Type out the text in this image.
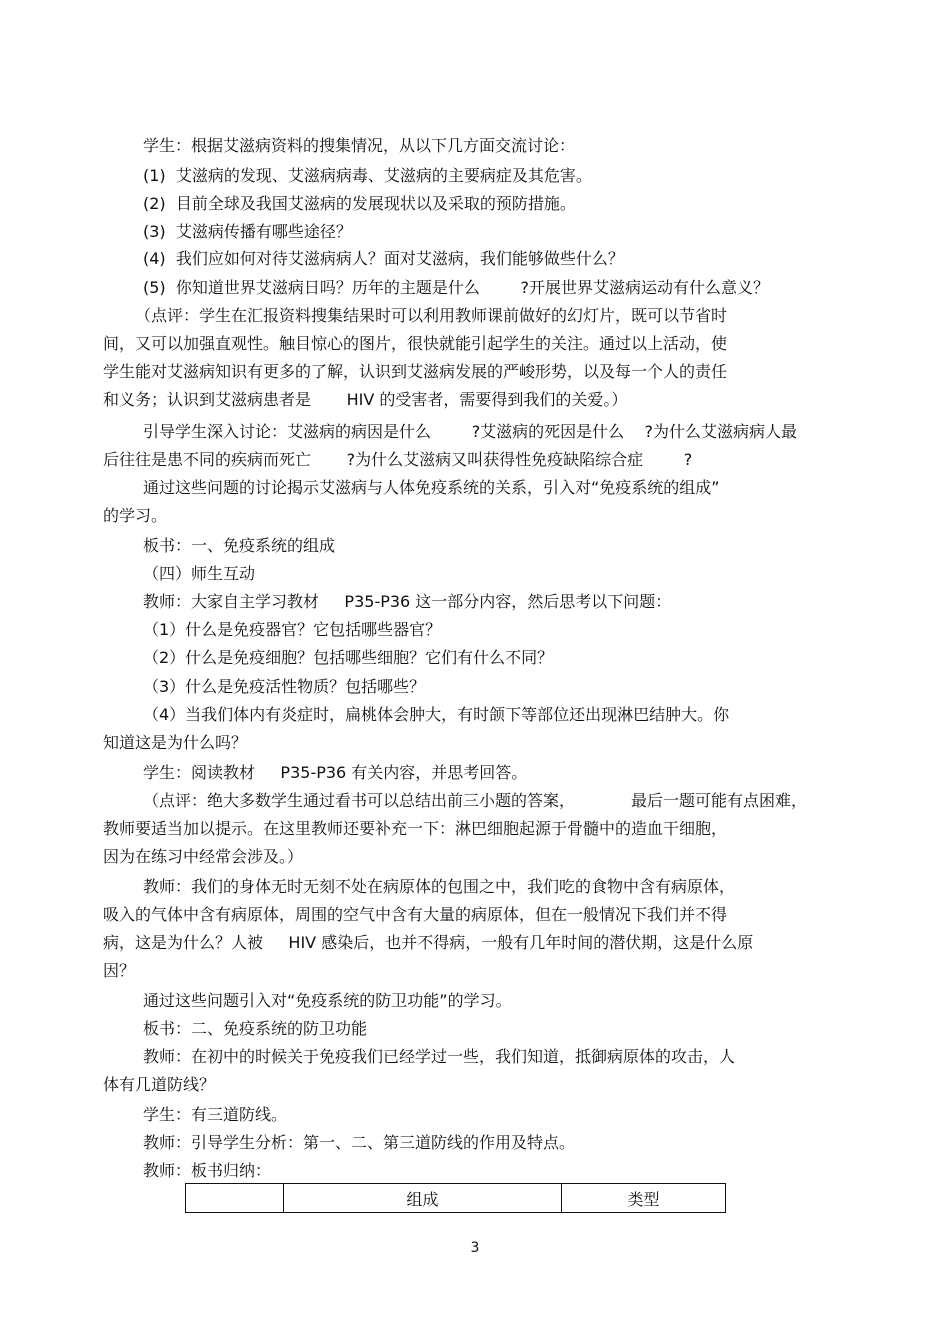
学生：根据艾滋病资料的搜集情况，从以下几方面交流讨论：
(1)  艾滋病的发现、艾滋病病毒、艾滋病的主要病症及其危害。
(2)  目前全球及我国艾滋病的发展现状以及采取的预防措施。
(3)  艾滋病传播有哪些途径？
(4)  我们应如何对待艾滋病病人？面对艾滋病，我们能够做些什么？
(5)  你知道世界艾滋病日吗？历年的主题是什么        ?开展世界艾滋病运动有什么意义？
（点评：学生在汇报资料搜集结果时可以利用教师课前做好的幻灯片，既可以节省时
间，又可以加强直观性。触目惊心的图片，很快就能引起学生的关注。通过以上活动，使
学生能对艾滋病知识有更多的了解，认识到艾滋病发展的严峻形势，以及每一个人的责任
和义务；认识到艾滋病患者是       HIV 的受害者，需要得到我们的关爱。）
引导学生深入讨论：艾滋病的病因是什么        ?艾滋病的死因是什么    ?为什么艾滋病病人最
后往往是患不同的疾病而死亡       ?为什么艾滋病又叫获得性免疫缺陷综合症        ?
通过这些问题的讨论揭示艾滋病与人体免疫系统的关系，引入对“免疫系统的组成”
的学习。
板书：一、免疫系统的组成
（四）师生互动
教师：大家自主学习教材     P35-P36 这一部分内容，然后思考以下问题：
（1）什么是免疫器官？它包括哪些器官？
（2）什么是免疫细胞？包括哪些细胞？它们有什么不同？
（3）什么是免疫活性物质？包括哪些？
（4）当我们体内有炎症时，扁桃体会肿大，有时颌下等部位还出现淋巴结肿大。你
知道这是为什么吗？
学生：阅读教材     P35-P36 有关内容，并思考回答。
（点评：绝大多数学生通过看书可以总结出前三小题的答案，           最后一题可能有点困难，
教师要适当加以提示。在这里教师还要补充一下：淋巴细胞起源于骨髓中的造血干细胞，
因为在练习中经常会涉及。）
教师：我们的身体无时无刻不处在病原体的包围之中，我们吃的食物中含有病原体，
吸入的气体中含有病原体，周围的空气中含有大量的病原体，但在一般情况下我们并不得
病，这是为什么？人被     HIV 感染后，也并不得病，一般有几年时间的潜伏期，这是什么原
因？
通过这些问题引入对“免疫系统的防卫功能”的学习。
板书：二、免疫系统的防卫功能
教师：在初中的时候关于免疫我们已经学过一些，我们知道，抵御病原体的攻击，人
体有几道防线？
学生：有三道防线。
教师：引导学生分析：第一、二、第三道防线的作用及特点。
教师：板书归纳：
	组成	类型
3
